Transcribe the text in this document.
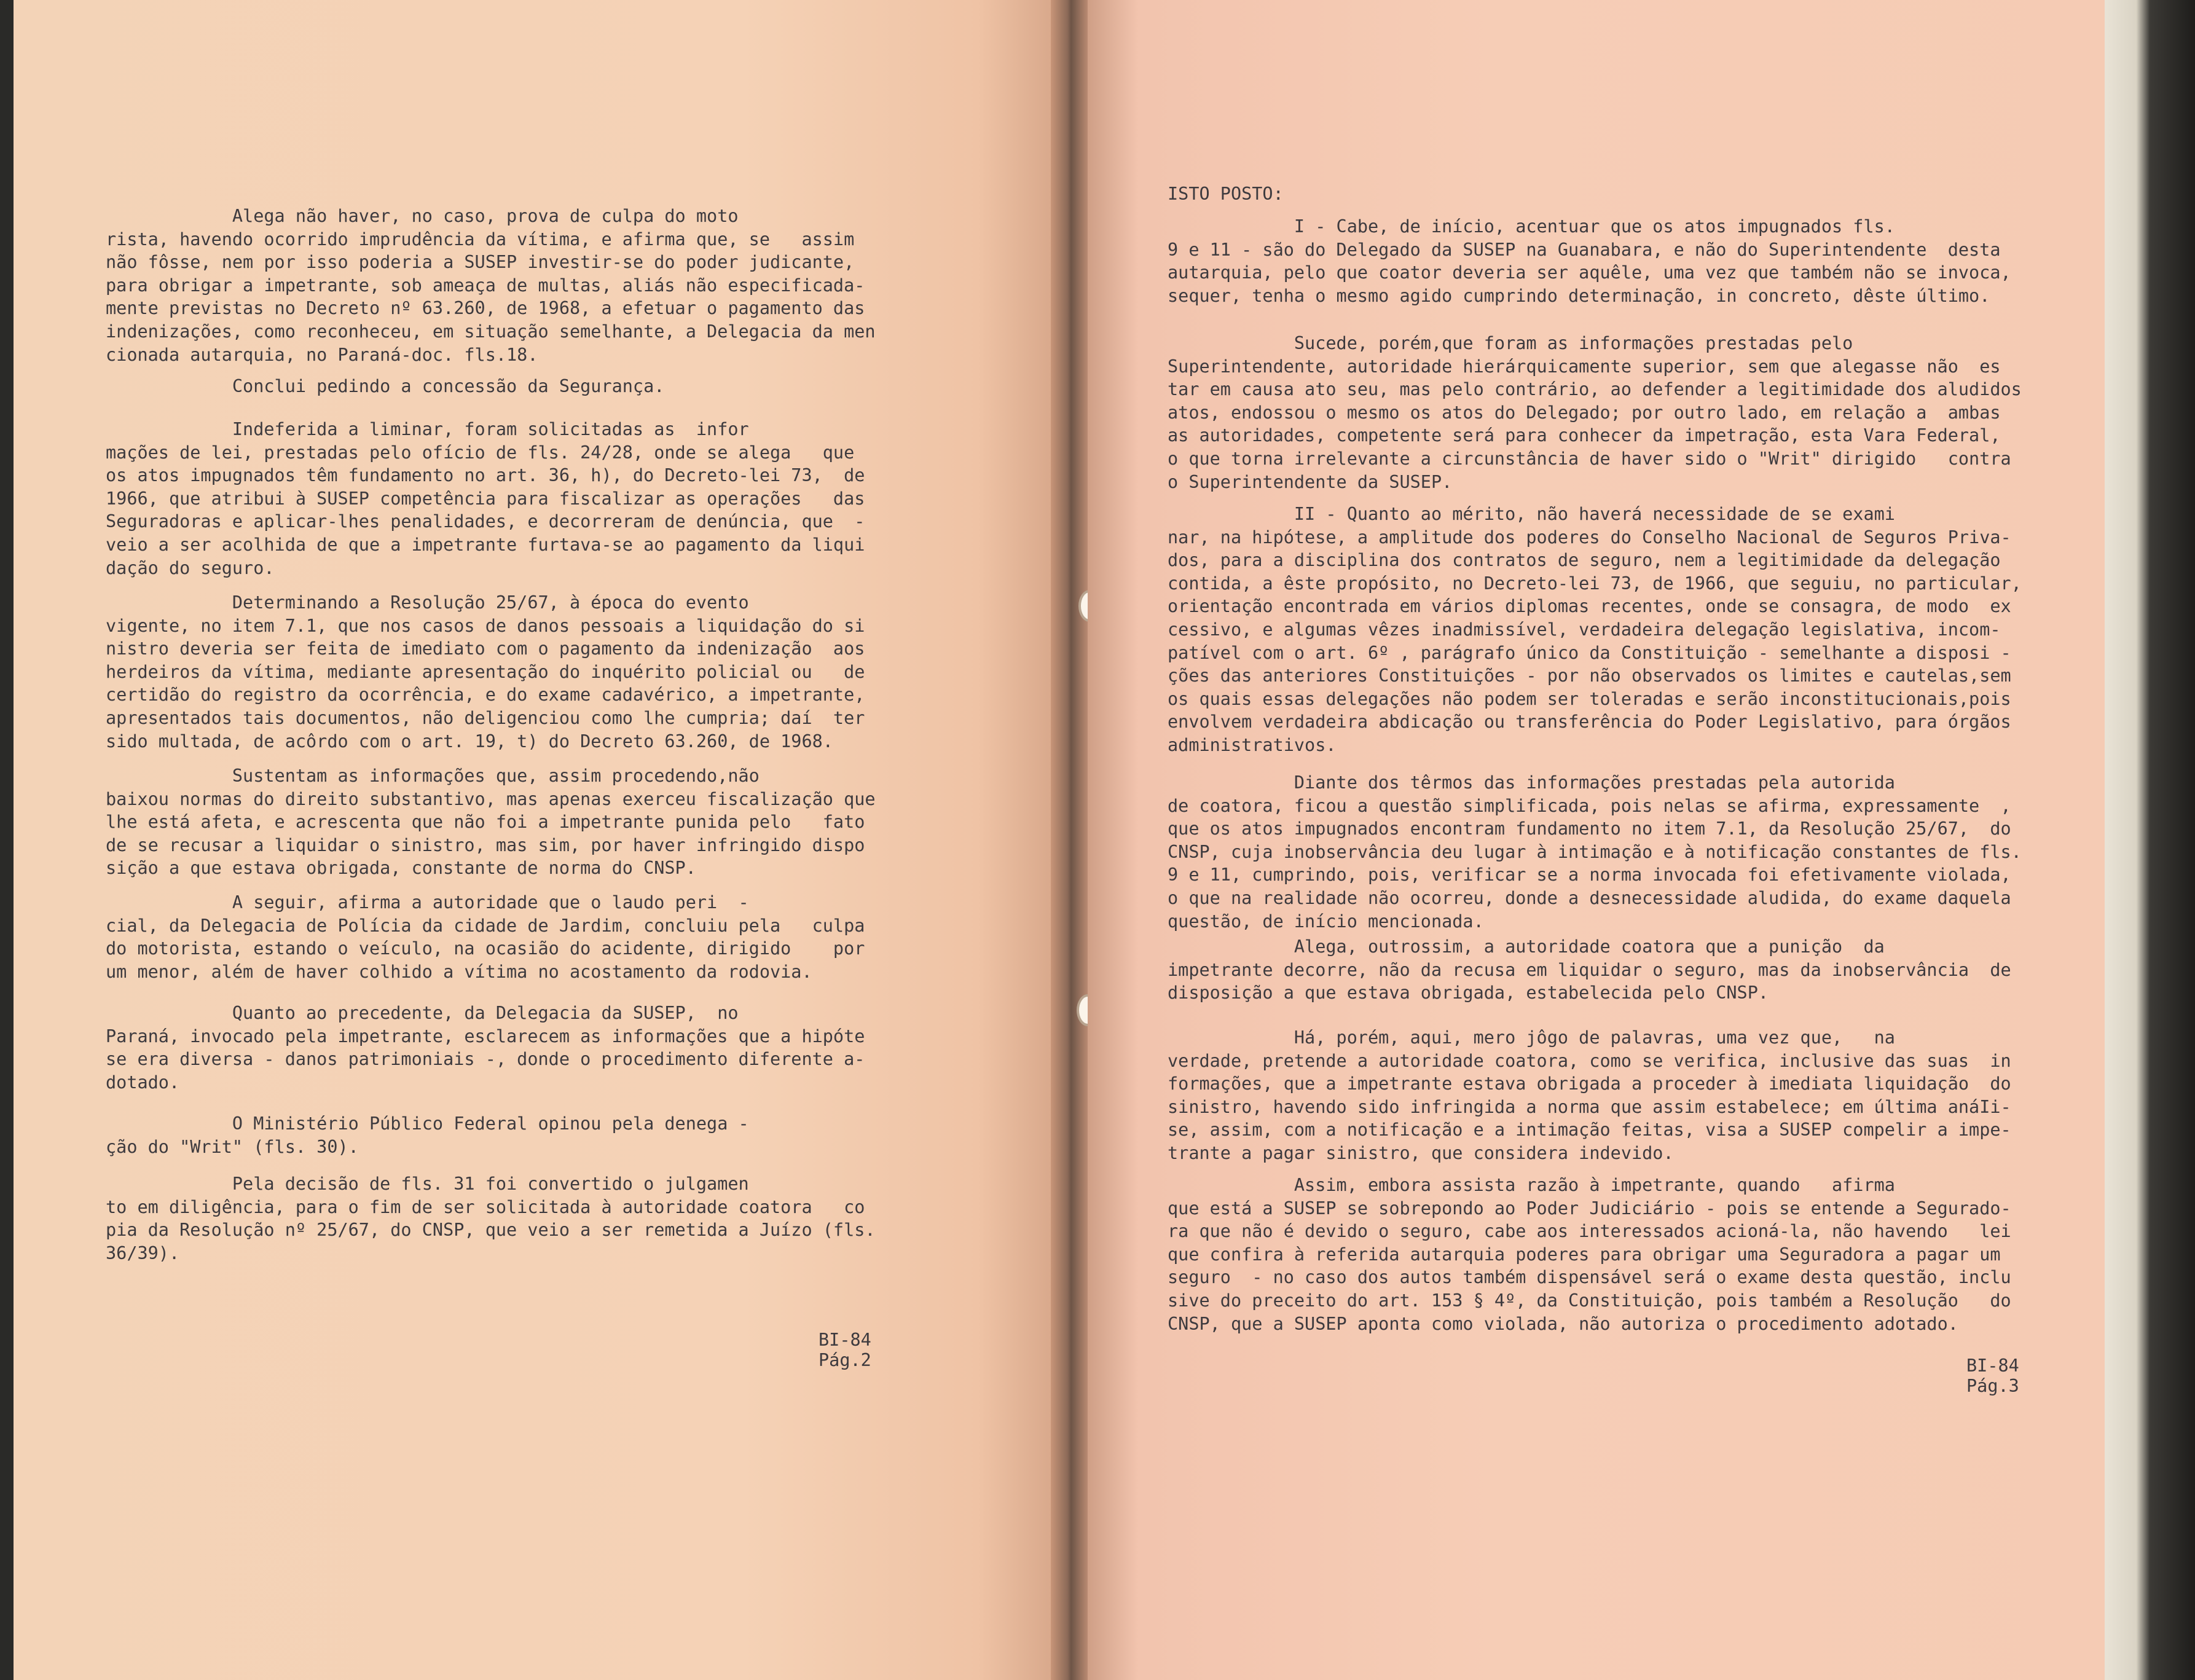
Alega não haver, no caso, prova de culpa do moto
rista, havendo ocorrido imprudência da vítima, e afirma que, se   assim
não fôsse, nem por isso poderia a SUSEP investir-se do poder judicante,
para obrigar a impetrante, sob ameaça de multas, aliás não especificada-
mente previstas no Decreto nº 63.260, de 1968, a efetuar o pagamento das
indenizações, como reconheceu, em situação semelhante, a Delegacia da men
cionada autarquia, no Paraná-doc. fls.18.

Conclui pedindo a concessão da Segurança.

Indeferida a liminar, foram solicitadas as  infor
mações de lei, prestadas pelo ofício de fls. 24/28, onde se alega   que
os atos impugnados têm fundamento no art. 36, h), do Decreto-lei 73,  de
1966, que atribui à SUSEP competência para fiscalizar as operações   das
Seguradoras e aplicar-lhes penalidades, e decorreram de denúncia, que  -
veio a ser acolhida de que a impetrante furtava-se ao pagamento da liqui
dação do seguro.

Determinando a Resolução 25/67, à época do evento
vigente, no item 7.1, que nos casos de danos pessoais a liquidação do si
nistro deveria ser feita de imediato com o pagamento da indenização  aos
herdeiros da vítima, mediante apresentação do inquérito policial ou   de
certidão do registro da ocorrência, e do exame cadavérico, a impetrante,
apresentados tais documentos, não deligenciou como lhe cumpria; daí  ter
sido multada, de acôrdo com o art. 19, t) do Decreto 63.260, de 1968.

Sustentam as informações que, assim procedendo,não
baixou normas do direito substantivo, mas apenas exerceu fiscalização que
lhe está afeta, e acrescenta que não foi a impetrante punida pelo   fato
de se recusar a liquidar o sinistro, mas sim, por haver infringido dispo
sição a que estava obrigada, constante de norma do CNSP.

A seguir, afirma a autoridade que o laudo peri  -
cial, da Delegacia de Polícia da cidade de Jardim, concluiu pela   culpa
do motorista, estando o veículo, na ocasião do acidente, dirigido    por
um menor, além de haver colhido a vítima no acostamento da rodovia.

Quanto ao precedente, da Delegacia da SUSEP,  no
Paraná, invocado pela impetrante, esclarecem as informações que a hipóte
se era diversa - danos patrimoniais -, donde o procedimento diferente a-
dotado.

O Ministério Público Federal opinou pela denega -
ção do "Writ" (fls. 30).

Pela decisão de fls. 31 foi convertido o julgamen
to em diligência, para o fim de ser solicitada à autoridade coatora   co
pia da Resolução nº 25/67, do CNSP, que veio a ser remetida a Juízo (fls.
36/39).

BI-84
Pág.2

ISTO POSTO:

I - Cabe, de início, acentuar que os atos impugnados fls.
9 e 11 - são do Delegado da SUSEP na Guanabara, e não do Superintendente  desta
autarquia, pelo que coator deveria ser aquêle, uma vez que também não se invoca,
sequer, tenha o mesmo agido cumprindo determinação, in concreto, dêste último.

Sucede, porém,que foram as informações prestadas pelo
Superintendente, autoridade hierárquicamente superior, sem que alegasse não  es
tar em causa ato seu, mas pelo contrário, ao defender a legitimidade dos aludidos
atos, endossou o mesmo os atos do Delegado; por outro lado, em relação a  ambas
as autoridades, competente será para conhecer da impetração, esta Vara Federal,
o que torna irrelevante a circunstância de haver sido o "Writ" dirigido   contra
o Superintendente da SUSEP.

II - Quanto ao mérito, não haverá necessidade de se exami
nar, na hipótese, a amplitude dos poderes do Conselho Nacional de Seguros Priva-
dos, para a disciplina dos contratos de seguro, nem a legitimidade da delegação
contida, a êste propósito, no Decreto-lei 73, de 1966, que seguiu, no particular,
orientação encontrada em vários diplomas recentes, onde se consagra, de modo  ex
cessivo, e algumas vêzes inadmissível, verdadeira delegação legislativa, incom-
patível com o art. 6º , parágrafo único da Constituição - semelhante a disposi -
ções das anteriores Constituições - por não observados os limites e cautelas,sem
os quais essas delegações não podem ser toleradas e serão inconstitucionais,pois
envolvem verdadeira abdicação ou transferência do Poder Legislativo, para órgãos
administrativos.

Diante dos têrmos das informações prestadas pela autorida
de coatora, ficou a questão simplificada, pois nelas se afirma, expressamente  ,
que os atos impugnados encontram fundamento no item 7.1, da Resolução 25/67,  do
CNSP, cuja inobservância deu lugar à intimação e à notificação constantes de fls.
9 e 11, cumprindo, pois, verificar se a norma invocada foi efetivamente violada,
o que na realidade não ocorreu, donde a desnecessidade aludida, do exame daquela
questão, de início mencionada.

Alega, outrossim, a autoridade coatora que a punição  da
impetrante decorre, não da recusa em liquidar o seguro, mas da inobservância  de
disposição a que estava obrigada, estabelecida pelo CNSP.

Há, porém, aqui, mero jôgo de palavras, uma vez que,   na
verdade, pretende a autoridade coatora, como se verifica, inclusive das suas  in
formações, que a impetrante estava obrigada a proceder à imediata liquidação  do
sinistro, havendo sido infringida a norma que assim estabelece; em última anáIi-
se, assim, com a notificação e a intimação feitas, visa a SUSEP compelir a impe-
trante a pagar sinistro, que considera indevido.

Assim, embora assista razão à impetrante, quando   afirma
que está a SUSEP se sobrepondo ao Poder Judiciário - pois se entende a Segurado-
ra que não é devido o seguro, cabe aos interessados acioná-la, não havendo   lei
que confira à referida autarquia poderes para obrigar uma Seguradora a pagar um
seguro  - no caso dos autos também dispensável será o exame desta questão, inclu
sive do preceito do art. 153 § 4º, da Constituição, pois também a Resolução   do
CNSP, que a SUSEP aponta como violada, não autoriza o procedimento adotado.

BI-84
Pág.3
